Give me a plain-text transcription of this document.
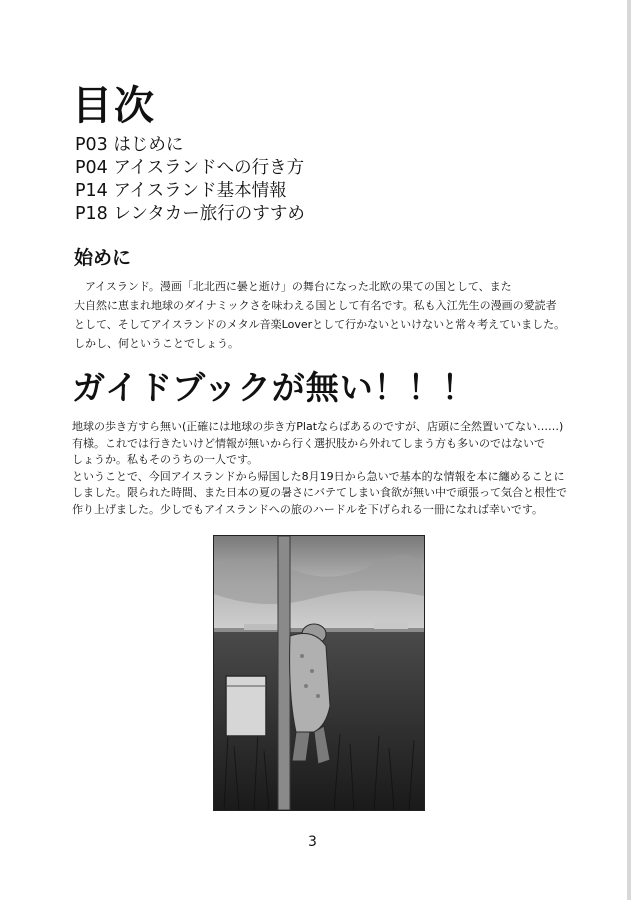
目次
P03 はじめに
P04 アイスランドへの行き方
P14 アイスランド基本情報
P18 レンタカー旅行のすすめ
始めに
　アイスランド。漫画「北北西に曇と逝け」の舞台になった北欧の果ての国として、また
大自然に恵まれ地球のダイナミックさを味わえる国として有名です。私も入江先生の漫画の愛読者
として、そしてアイスランドのメタル音楽Loverとして行かないといけないと常々考えていました。
しかし、何ということでしょう。
ガイドブックが無い！！！
地球の歩き方すら無い(正確には地球の歩き方Platならばあるのですが、店頭に全然置いてない……)
有様。これでは行きたいけど情報が無いから行く選択肢から外れてしまう方も多いのではないで
しょうか。私もそのうちの一人です。
ということで、今回アイスランドから帰国した8月19日から急いで基本的な情報を本に纏めることに
しました。限られた時間、また日本の夏の暑さにバテてしまい食欲が無い中で頑張って気合と根性で
作り上げました。少しでもアイスランドへの旅のハードルを下げられる一冊になれば幸いです。
3
